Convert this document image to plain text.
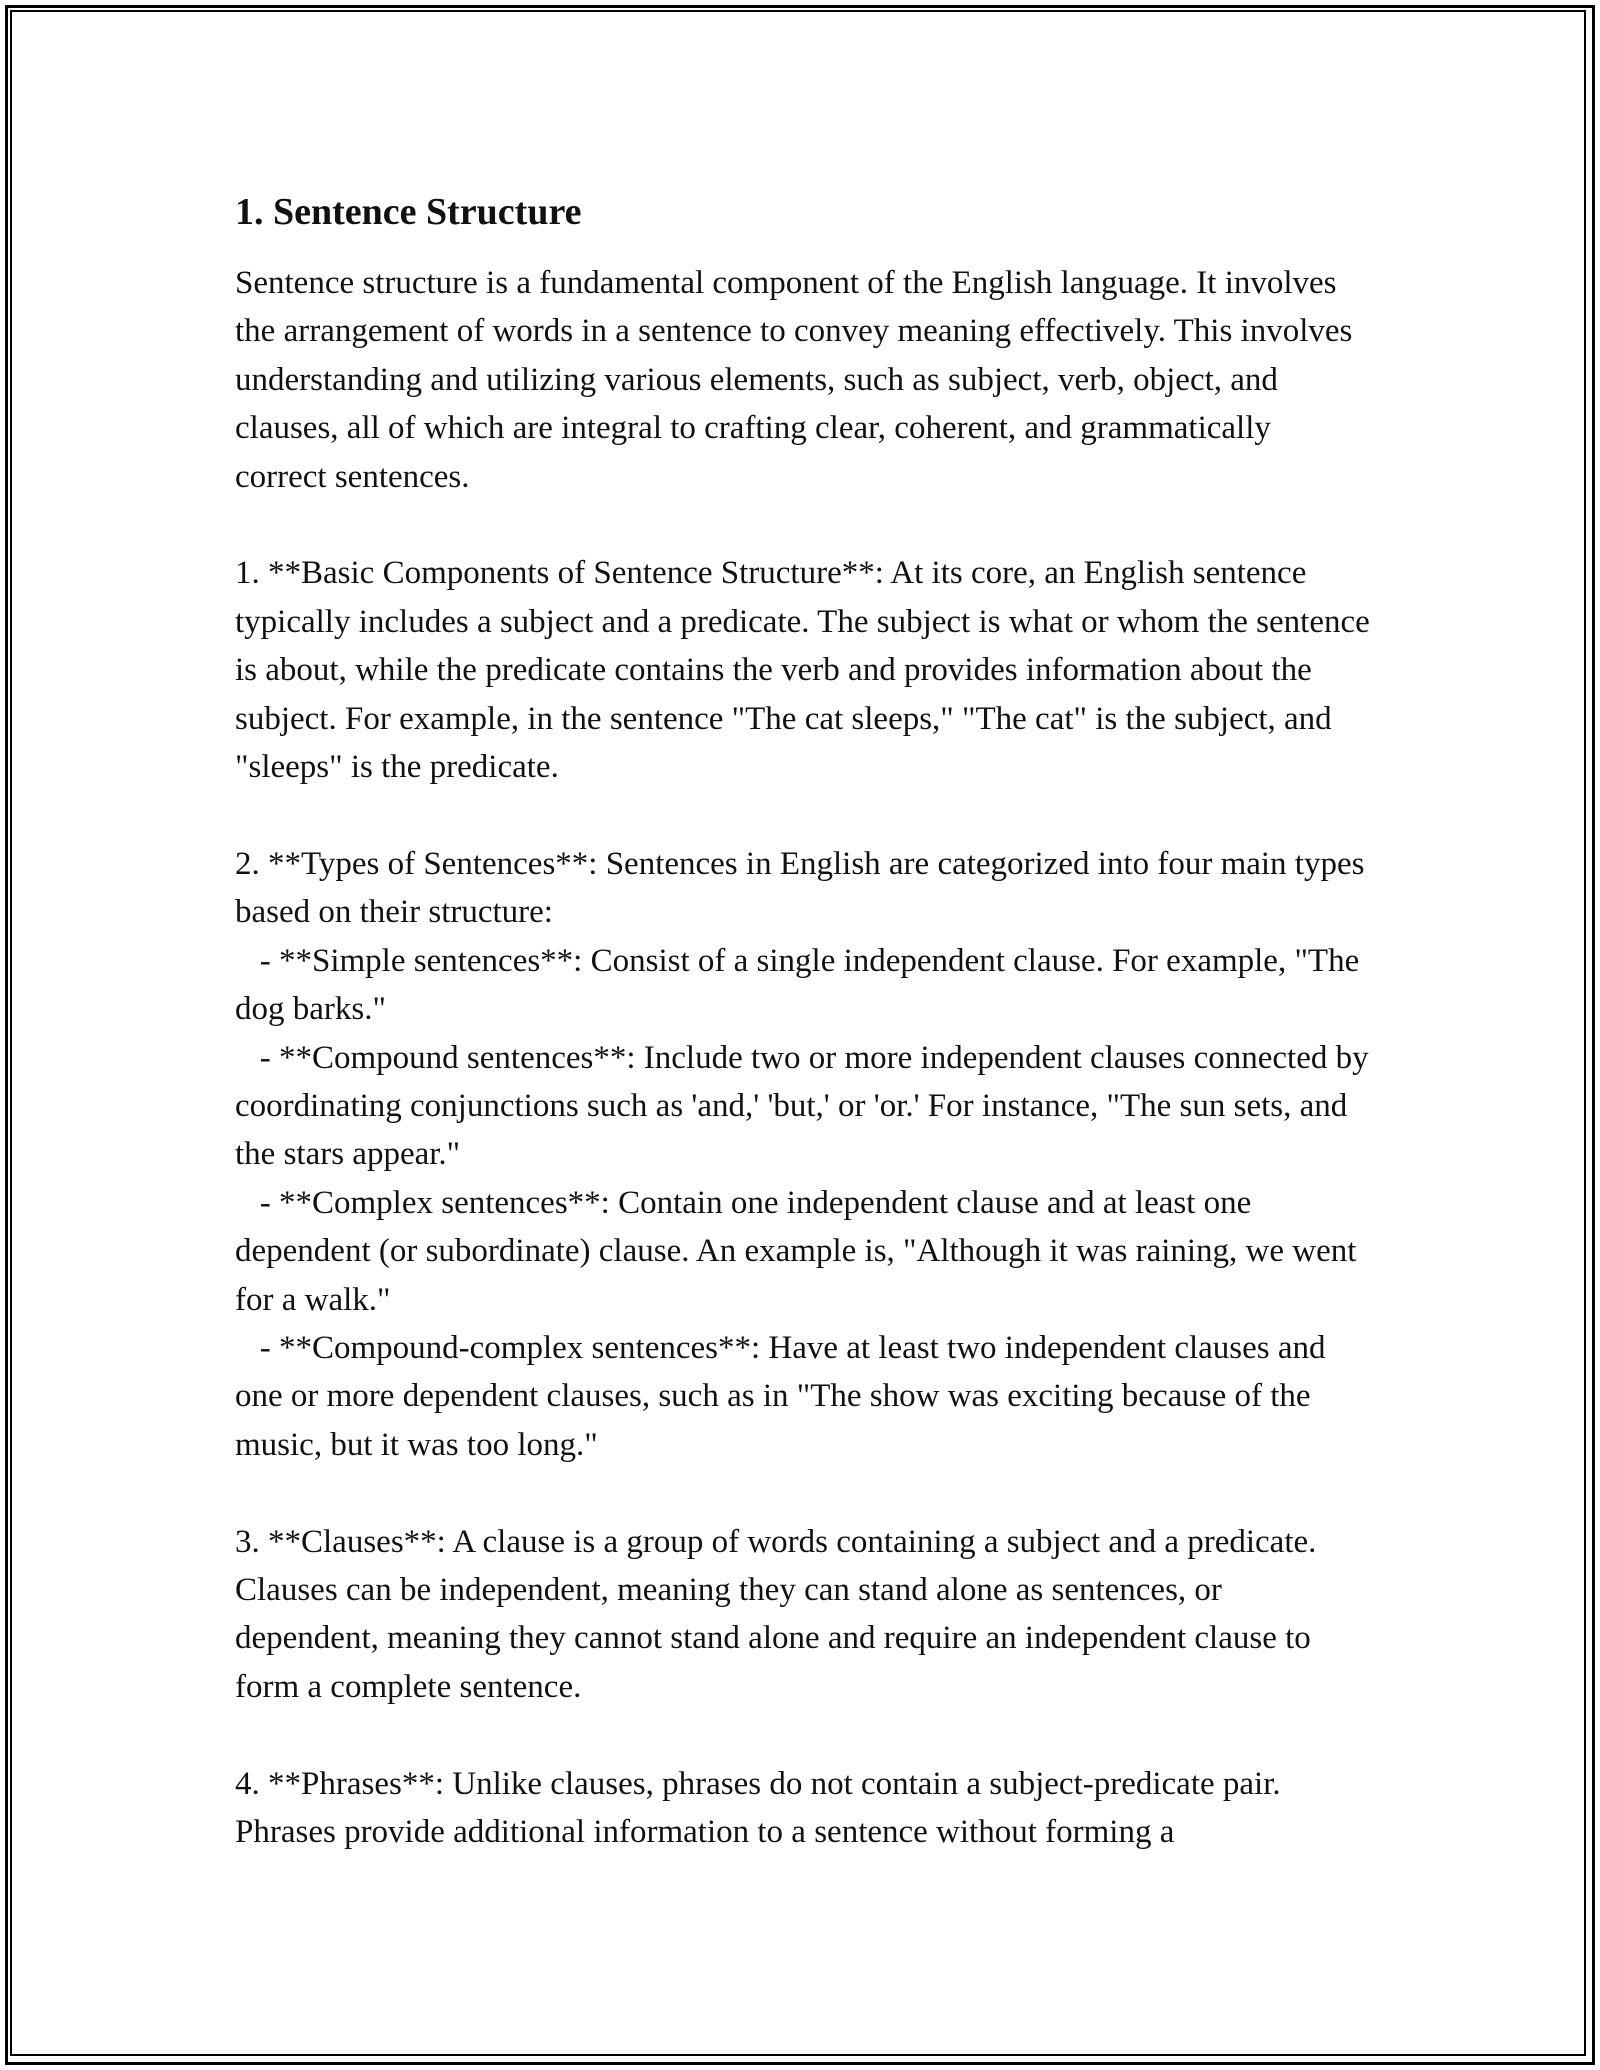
1. Sentence Structure

Sentence structure is a fundamental component of the English language. It involves the arrangement of words in a sentence to convey meaning effectively. This involves understanding and utilizing various elements, such as subject, verb, object, and clauses, all of which are integral to crafting clear, coherent, and grammatically correct sentences.

1. **Basic Components of Sentence Structure**: At its core, an English sentence typically includes a subject and a predicate. The subject is what or whom the sentence is about, while the predicate contains the verb and provides information about the subject. For example, in the sentence "The cat sleeps," "The cat" is the subject, and "sleeps" is the predicate.

2. **Types of Sentences**: Sentences in English are categorized into four main types based on their structure:
- **Simple sentences**: Consist of a single independent clause. For example, "The dog barks."
- **Compound sentences**: Include two or more independent clauses connected by coordinating conjunctions such as 'and,' 'but,' or 'or.' For instance, "The sun sets, and the stars appear."
- **Complex sentences**: Contain one independent clause and at least one dependent (or subordinate) clause. An example is, "Although it was raining, we went for a walk."
- **Compound-complex sentences**: Have at least two independent clauses and one or more dependent clauses, such as in "The show was exciting because of the music, but it was too long."

3. **Clauses**: A clause is a group of words containing a subject and a predicate. Clauses can be independent, meaning they can stand alone as sentences, or dependent, meaning they cannot stand alone and require an independent clause to form a complete sentence.

4. **Phrases**: Unlike clauses, phrases do not contain a subject-predicate pair. Phrases provide additional information to a sentence without forming a
